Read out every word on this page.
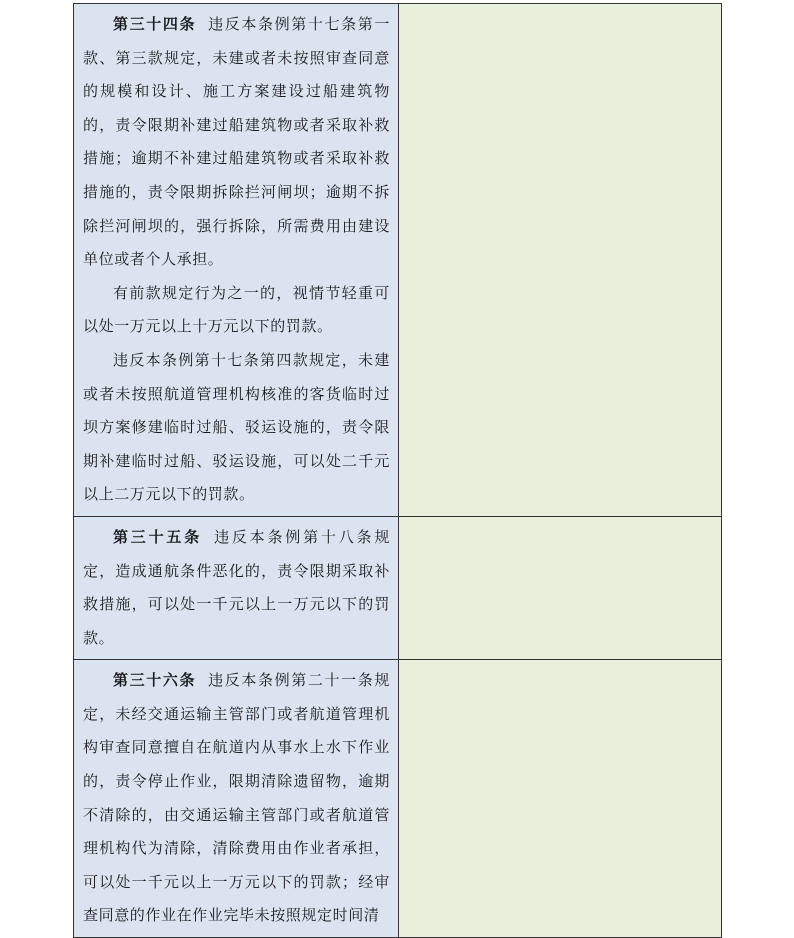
第三十四条 违反本条例第十七条第一款、第三款规定，未建或者未按照审查同意的规模和设计、施工方案建设过船建筑物的，责令限期补建过船建筑物或者采取补救措施；逾期不补建过船建筑物或者采取补救措施的，责令限期拆除拦河闸坝；逾期不拆除拦河闸坝的，强行拆除，所需费用由建设单位或者个人承担。

有前款规定行为之一的，视情节轻重可以处一万元以上十万元以下的罚款。

违反本条例第十七条第四款规定，未建或者未按照航道管理机构核准的客货临时过坝方案修建临时过船、驳运设施的，责令限期补建临时过船、驳运设施，可以处二千元以上二万元以下的罚款。	

第三十五条 违反本条例第十八条规定，造成通航条件恶化的，责令限期采取补救措施，可以处一千元以上一万元以下的罚款。	

第三十六条 违反本条例第二十一条规定，未经交通运输主管部门或者航道管理机构审查同意擅自在航道内从事水上水下作业的，责令停止作业，限期清除遗留物，逾期不清除的，由交通运输主管部门或者航道管理机构代为清除，清除费用由作业者承担，可以处一千元以上一万元以下的罚款；经审查同意的作业在作业完毕未按照规定时间清	
